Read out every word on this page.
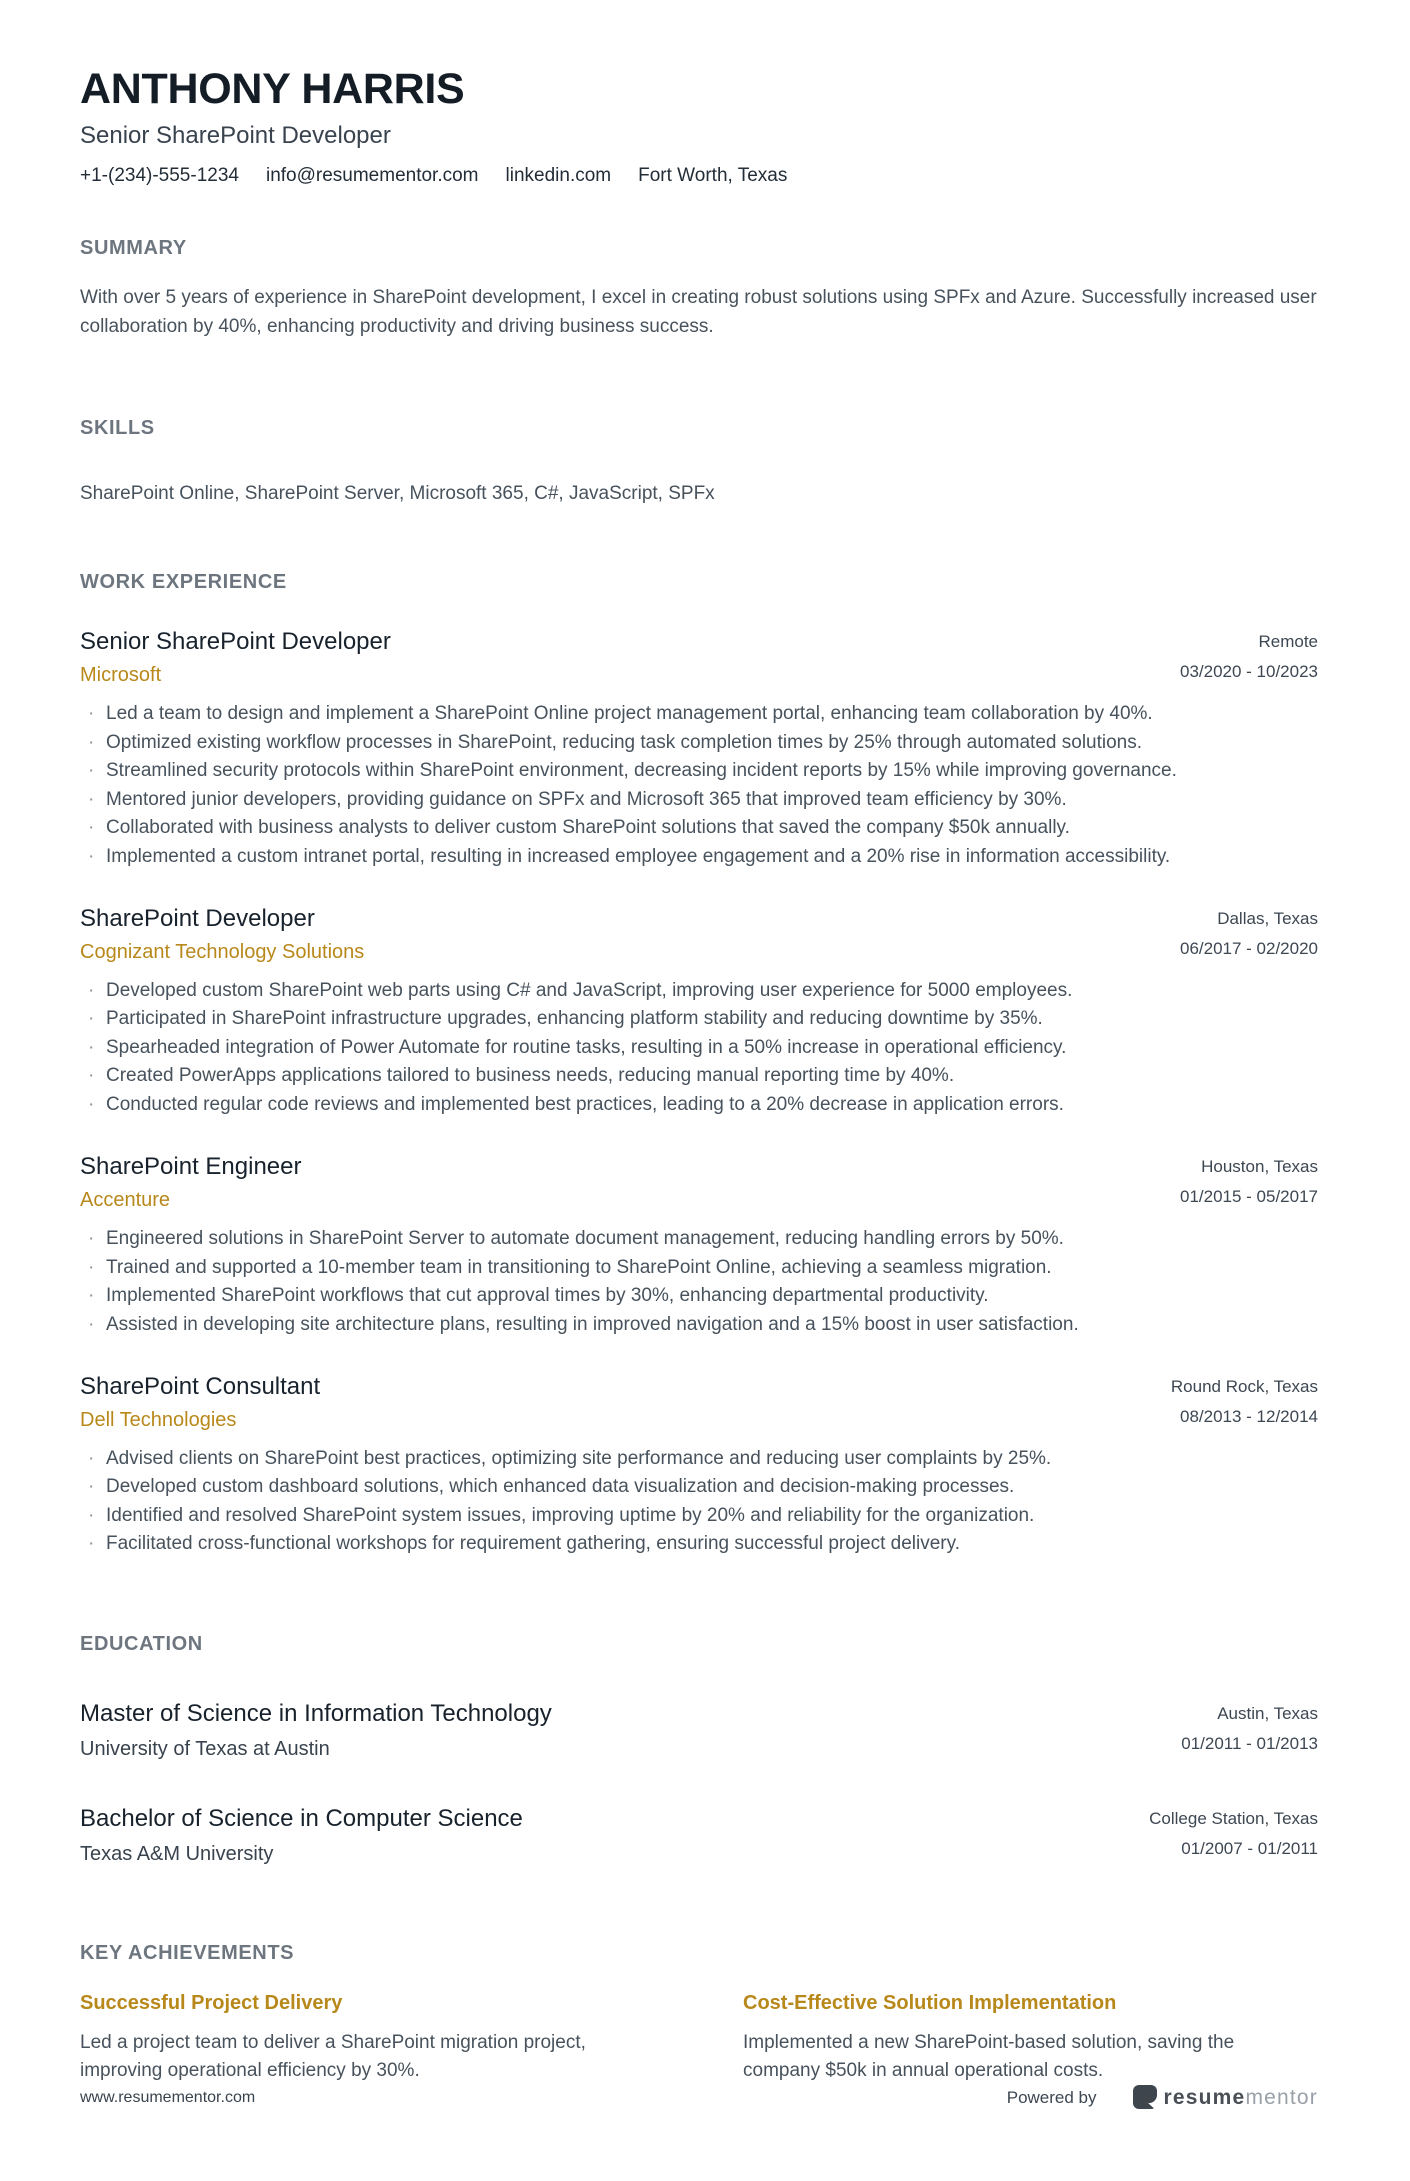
ANTHONY HARRIS
Senior SharePoint Developer
+1-(234)-555-1234 info@resumementor.com linkedin.com Fort Worth, Texas
SUMMARY

With over 5 years of experience in SharePoint development, I excel in creating robust solutions using SPFx and Azure. Successfully increased user collaboration by 40%, enhancing productivity and driving business success.

SKILLS
SharePoint Online, SharePoint Server, Microsoft 365, C#, JavaScript, SPFx
WORK EXPERIENCE
Senior SharePoint Developer
Microsoft
Remote
03/2020 - 10/2023
· Led a team to design and implement a SharePoint Online project management portal, enhancing team collaboration by 40%.
· Optimized existing workflow processes in SharePoint, reducing task completion times by 25% through automated solutions.
· Streamlined security protocols within SharePoint environment, decreasing incident reports by 15% while improving governance.
· Mentored junior developers, providing guidance on SPFx and Microsoft 365 that improved team efficiency by 30%.
· Collaborated with business analysts to deliver custom SharePoint solutions that saved the company $50k annually.
· Implemented a custom intranet portal, resulting in increased employee engagement and a 20% rise in information accessibility.
SharePoint Developer
Cognizant Technology Solutions
Dallas, Texas
06/2017 - 02/2020
· Developed custom SharePoint web parts using C# and JavaScript, improving user experience for 5000 employees.
· Participated in SharePoint infrastructure upgrades, enhancing platform stability and reducing downtime by 35%.
· Spearheaded integration of Power Automate for routine tasks, resulting in a 50% increase in operational efficiency.
· Created PowerApps applications tailored to business needs, reducing manual reporting time by 40%.
· Conducted regular code reviews and implemented best practices, leading to a 20% decrease in application errors.
SharePoint Engineer
Accenture
Houston, Texas
01/2015 - 05/2017
· Engineered solutions in SharePoint Server to automate document management, reducing handling errors by 50%.
· Trained and supported a 10-member team in transitioning to SharePoint Online, achieving a seamless migration.
· Implemented SharePoint workflows that cut approval times by 30%, enhancing departmental productivity.
· Assisted in developing site architecture plans, resulting in improved navigation and a 15% boost in user satisfaction.
SharePoint Consultant
Dell Technologies
Round Rock, Texas
08/2013 - 12/2014
· Advised clients on SharePoint best practices, optimizing site performance and reducing user complaints by 25%.
· Developed custom dashboard solutions, which enhanced data visualization and decision-making processes.
· Identified and resolved SharePoint system issues, improving uptime by 20% and reliability for the organization.
· Facilitated cross-functional workshops for requirement gathering, ensuring successful project delivery.
EDUCATION
Master of Science in Information Technology
University of Texas at Austin
Austin, Texas
01/2011 - 01/2013
Bachelor of Science in Computer Science
Texas A&M University
College Station, Texas
01/2007 - 01/2011
KEY ACHIEVEMENTS
Successful Project Delivery
Led a project team to deliver a SharePoint migration project, improving operational efficiency by 30%.
Cost-Effective Solution Implementation
Implemented a new SharePoint-based solution, saving the company $50k in annual operational costs.
www.resumementor.com	Powered by	resumementor
